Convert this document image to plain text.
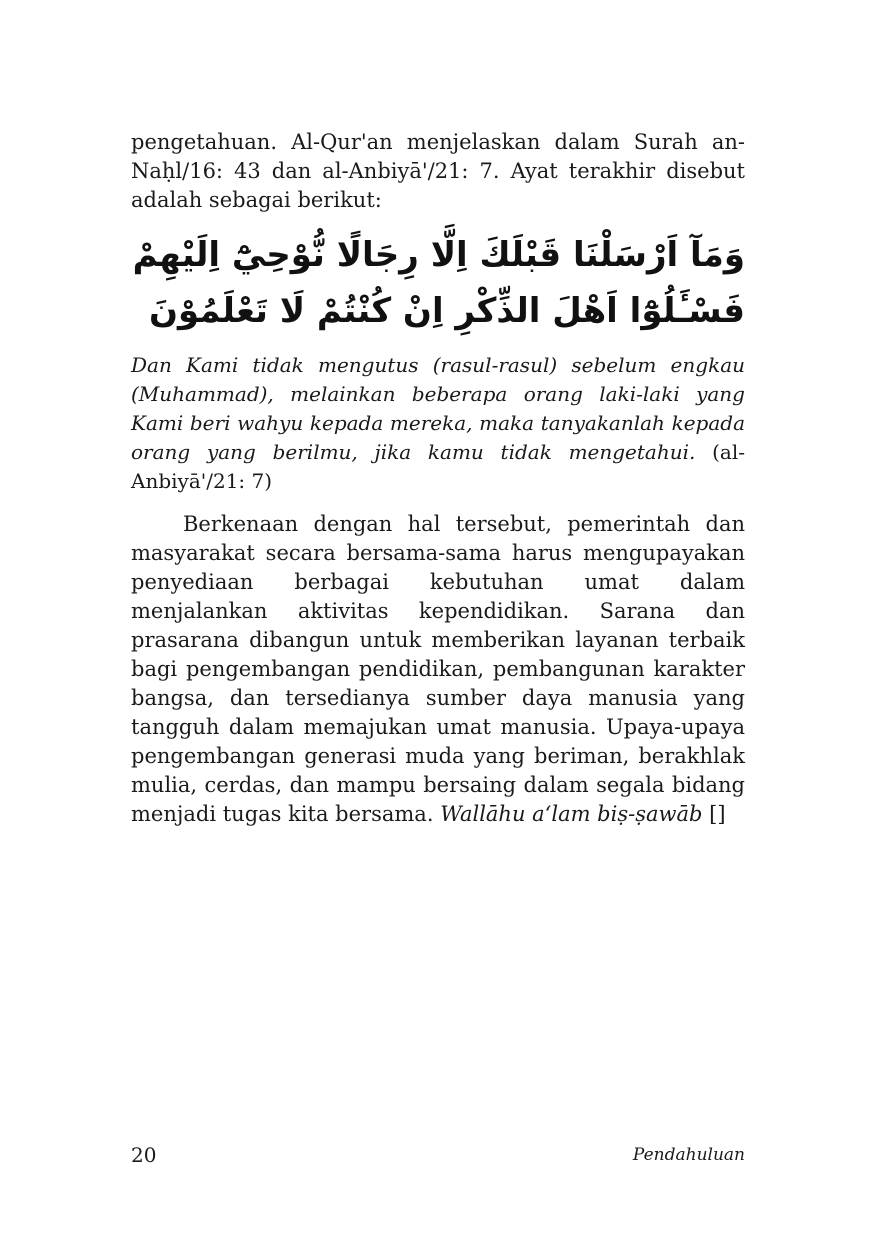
pengetahuan. Al-Qur'an menjelaskan dalam Surah an-Naḥl/16: 43 dan al-Anbiyā'/21: 7. Ayat terakhir disebut adalah sebagai berikut:

وَمَآ اَرْسَلْنَا قَبْلَكَ اِلَّا رِجَالًا نُّوْحِيْٓ اِلَيْهِمْ فَسْـَٔلُوْٓا اَهْلَ الذِّكْرِ اِنْ كُنْتُمْ لَا تَعْلَمُوْنَ

Dan Kami tidak mengutus (rasul-rasul) sebelum engkau (Muhammad), melainkan beberapa orang laki-laki yang Kami beri wahyu kepada mereka, maka tanyakanlah kepada orang yang berilmu, jika kamu tidak mengetahui. (al-Anbiyā'/21: 7)

Berkenaan dengan hal tersebut, pemerintah dan masyarakat secara bersama-sama harus mengupayakan penyediaan berbagai kebutuhan umat dalam menjalankan aktivitas kependidikan. Sarana dan prasarana dibangun untuk memberikan layanan terbaik bagi pengembangan pendidikan, pembangunan karakter bangsa, dan tersedianya sumber daya manusia yang tangguh dalam memajukan umat manusia. Upaya-upaya pengembangan generasi muda yang beriman, berakhlak mulia, cerdas, dan mampu bersaing dalam segala bidang menjadi tugas kita bersama. Wallāhu a‘lam biṣ-ṣawāb []

20	Pendahuluan
